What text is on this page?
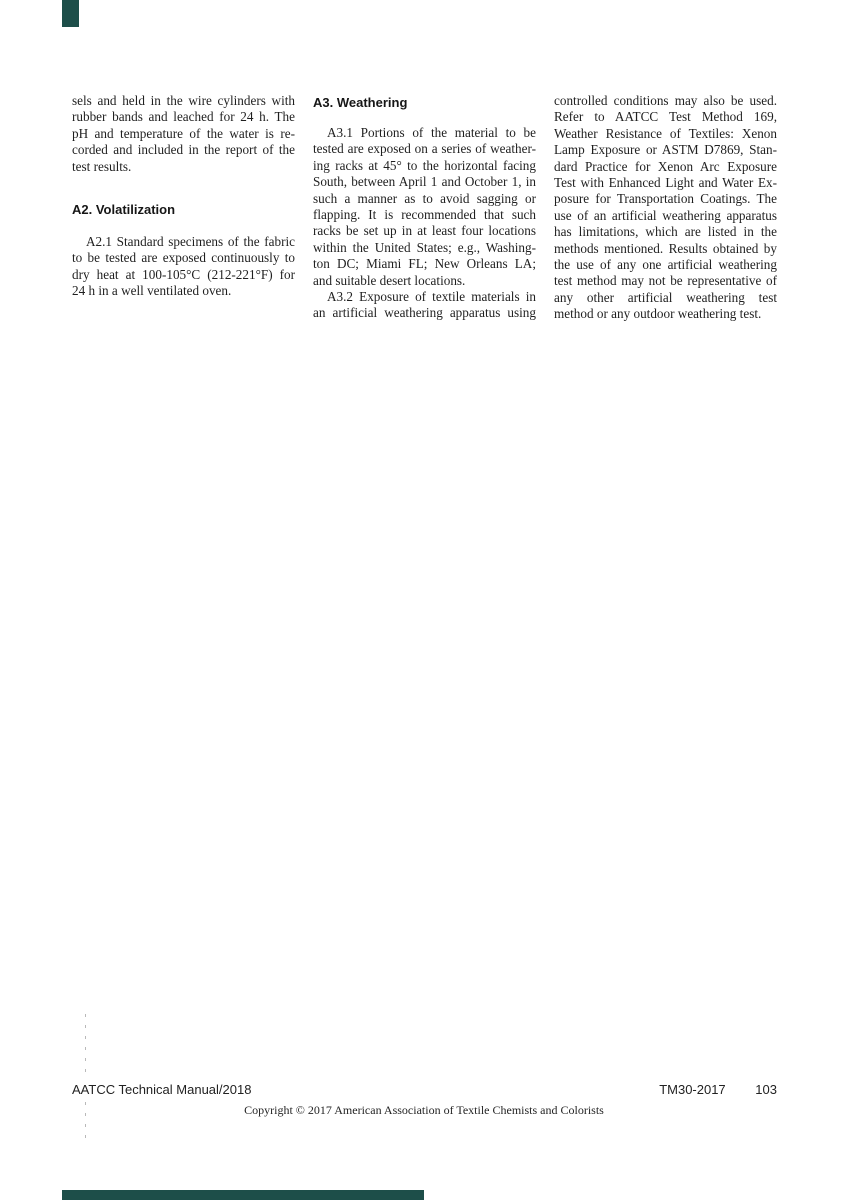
sels and held in the wire cylinders with
rubber bands and leached for 24 h. The
pH and temperature of the water is re-
corded and included in the report of the
test results.
A2. Volatilization
A2.1 Standard specimens of the fabric
to be tested are exposed continuously to
dry heat at 100-105°C (212-221°F) for
24 h in a well ventilated oven.
A3. Weathering
A3.1 Portions of the material to be
tested are exposed on a series of weather-
ing racks at 45° to the horizontal facing
South, between April 1 and October 1, in
such a manner as to avoid sagging or
flapping. It is recommended that such
racks be set up in at least four locations
within the United States; e.g., Washing-
ton DC; Miami FL; New Orleans LA;
and suitable desert locations.
A3.2 Exposure of textile materials in
an artificial weathering apparatus using
controlled conditions may also be used.
Refer to AATCC Test Method 169,
Weather Resistance of Textiles: Xenon
Lamp Exposure or ASTM D7869, Stan-
dard Practice for Xenon Arc Exposure
Test with Enhanced Light and Water Ex-
posure for Transportation Coatings. The
use of an artificial weathering apparatus
has limitations, which are listed in the
methods mentioned. Results obtained by
the use of any one artificial weathering
test method may not be representative of
any other artificial weathering test
method or any outdoor weathering test.
AATCC Technical Manual/2018	TM30-2017 103
Copyright © 2017 American Association of Textile Chemists and Colorists
